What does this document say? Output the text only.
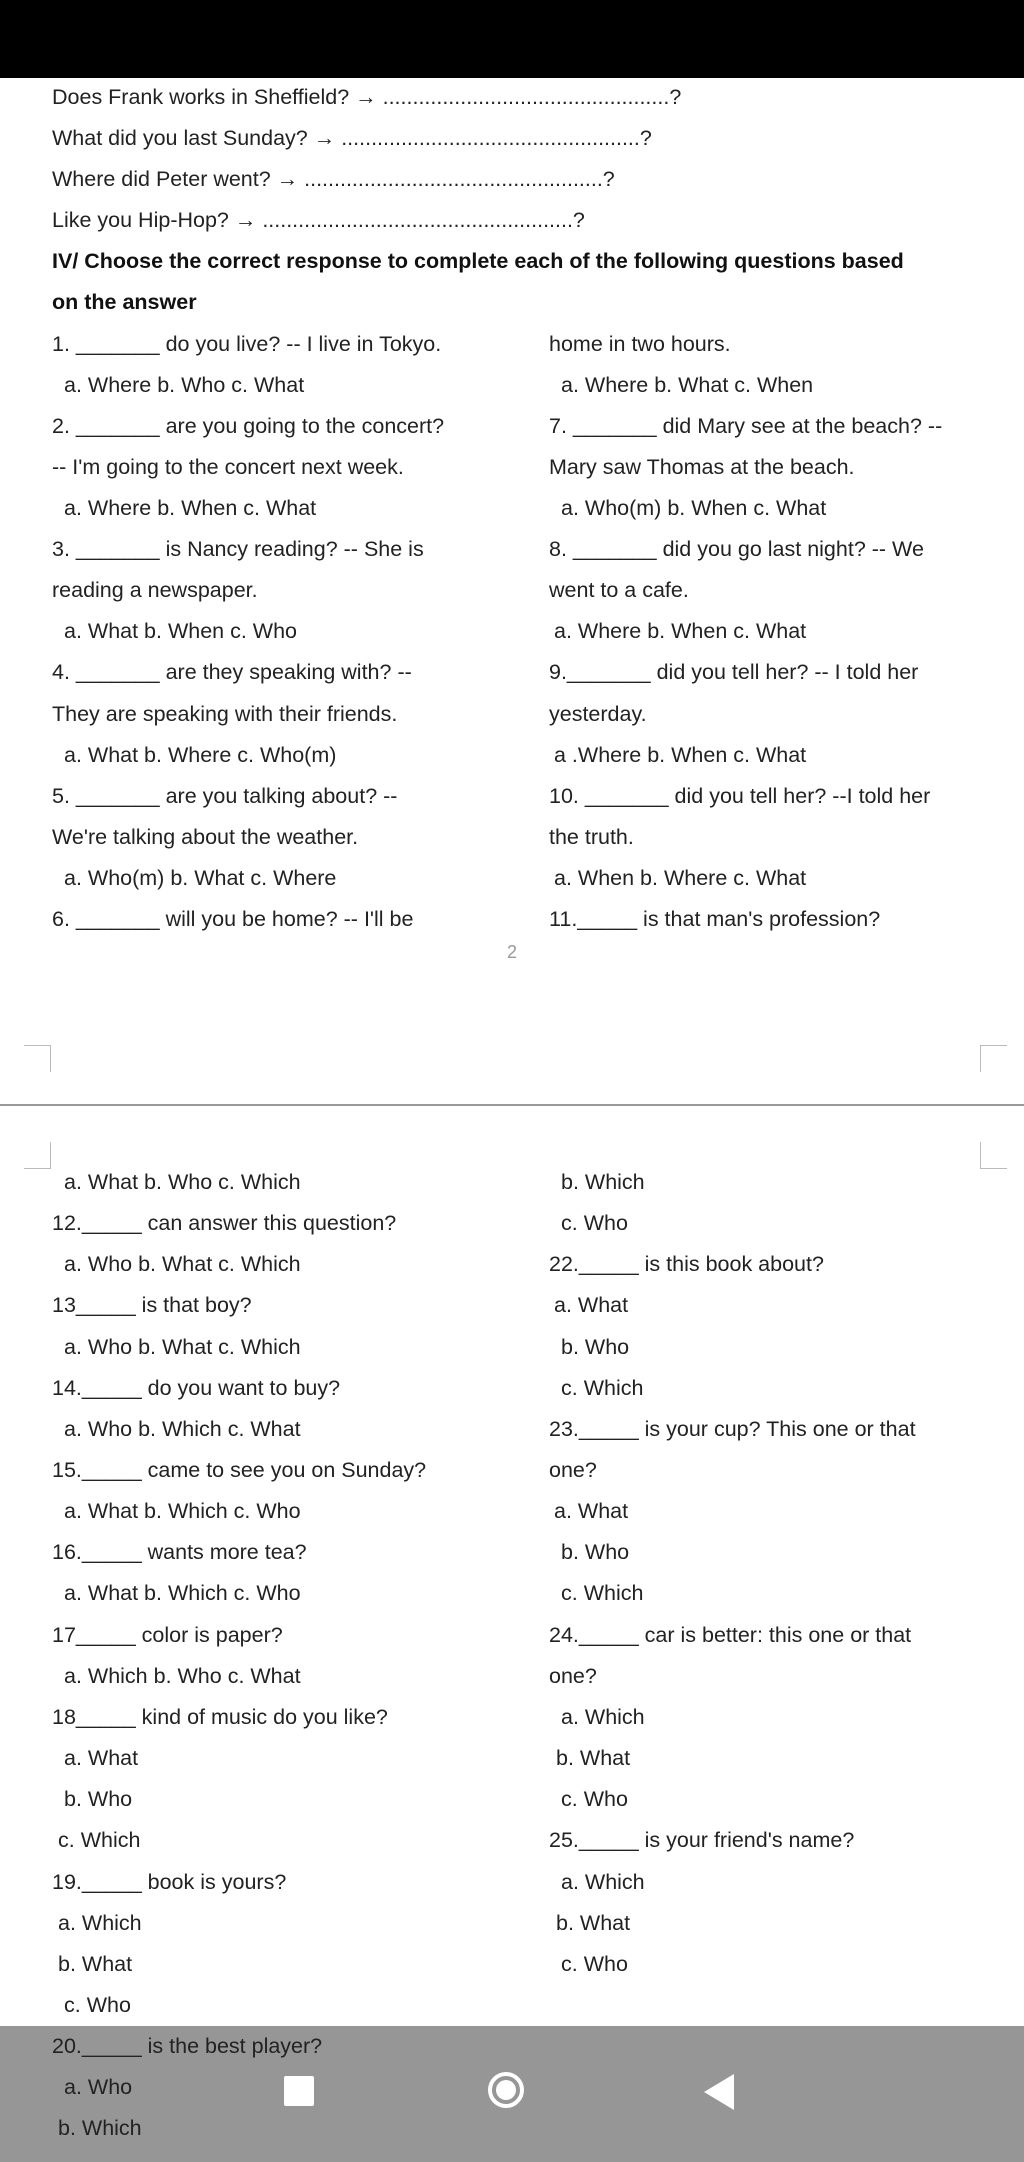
Does Frank works in Sheffield? → ................................................?
What did you last Sunday? → ..................................................?
Where did Peter went? → ..................................................?
Like you Hip-Hop? → ....................................................?
IV/ Choose the correct response to complete each of the following questions based
on the answer
1. _______ do you live? -- I live in Tokyo.
a. Where b. Who c. What
2. _______ are you going to the concert?
-- I'm going to the concert next week.
a. Where b. When c. What
3. _______ is Nancy reading? -- She is
reading a newspaper.
a. What b. When c. Who
4. _______ are they speaking with? --
They are speaking with their friends.
a. What b. Where c. Who(m)
5. _______ are you talking about? --
We're talking about the weather.
a. Who(m) b. What c. Where
6. _______ will you be home? -- I'll be
home in two hours.
a. Where b. What c. When
7. _______ did Mary see at the beach? --
Mary saw Thomas at the beach.
a. Who(m) b. When c. What
8. _______ did you go last night? -- We
went to a cafe.
a. Where b. When c. What
9._______ did you tell her? -- I told her
yesterday.
a .Where b. When c. What
10. _______ did you tell her? --I told her
the truth.
a. When b. Where c. What
11._____ is that man's profession?
2
a. What b. Who c. Which
12._____ can answer this question?
a. Who b. What c. Which
13_____ is that boy?
a. Who b. What c. Which
14._____ do you want to buy?
a. Who b. Which c. What
15._____ came to see you on Sunday?
a. What b. Which c. Who
16._____ wants more tea?
a. What b. Which c. Who
17_____ color is paper?
a. Which b. Who c. What
18_____ kind of music do you like?
a. What
b. Who
c. Which
19._____ book is yours?
a. Which
b. What
c. Who
b. Which
c. Who
22._____ is this book about?
a. What
b. Who
c. Which
23._____ is your cup? This one or that
one?
a. What
b. Who
c. Which
24._____ car is better: this one or that
one?
a. Which
b. What
c. Who
25._____ is your friend's name?
a. Which
b. What
c. Who
20._____ is the best player?
a. Who
b. Which
